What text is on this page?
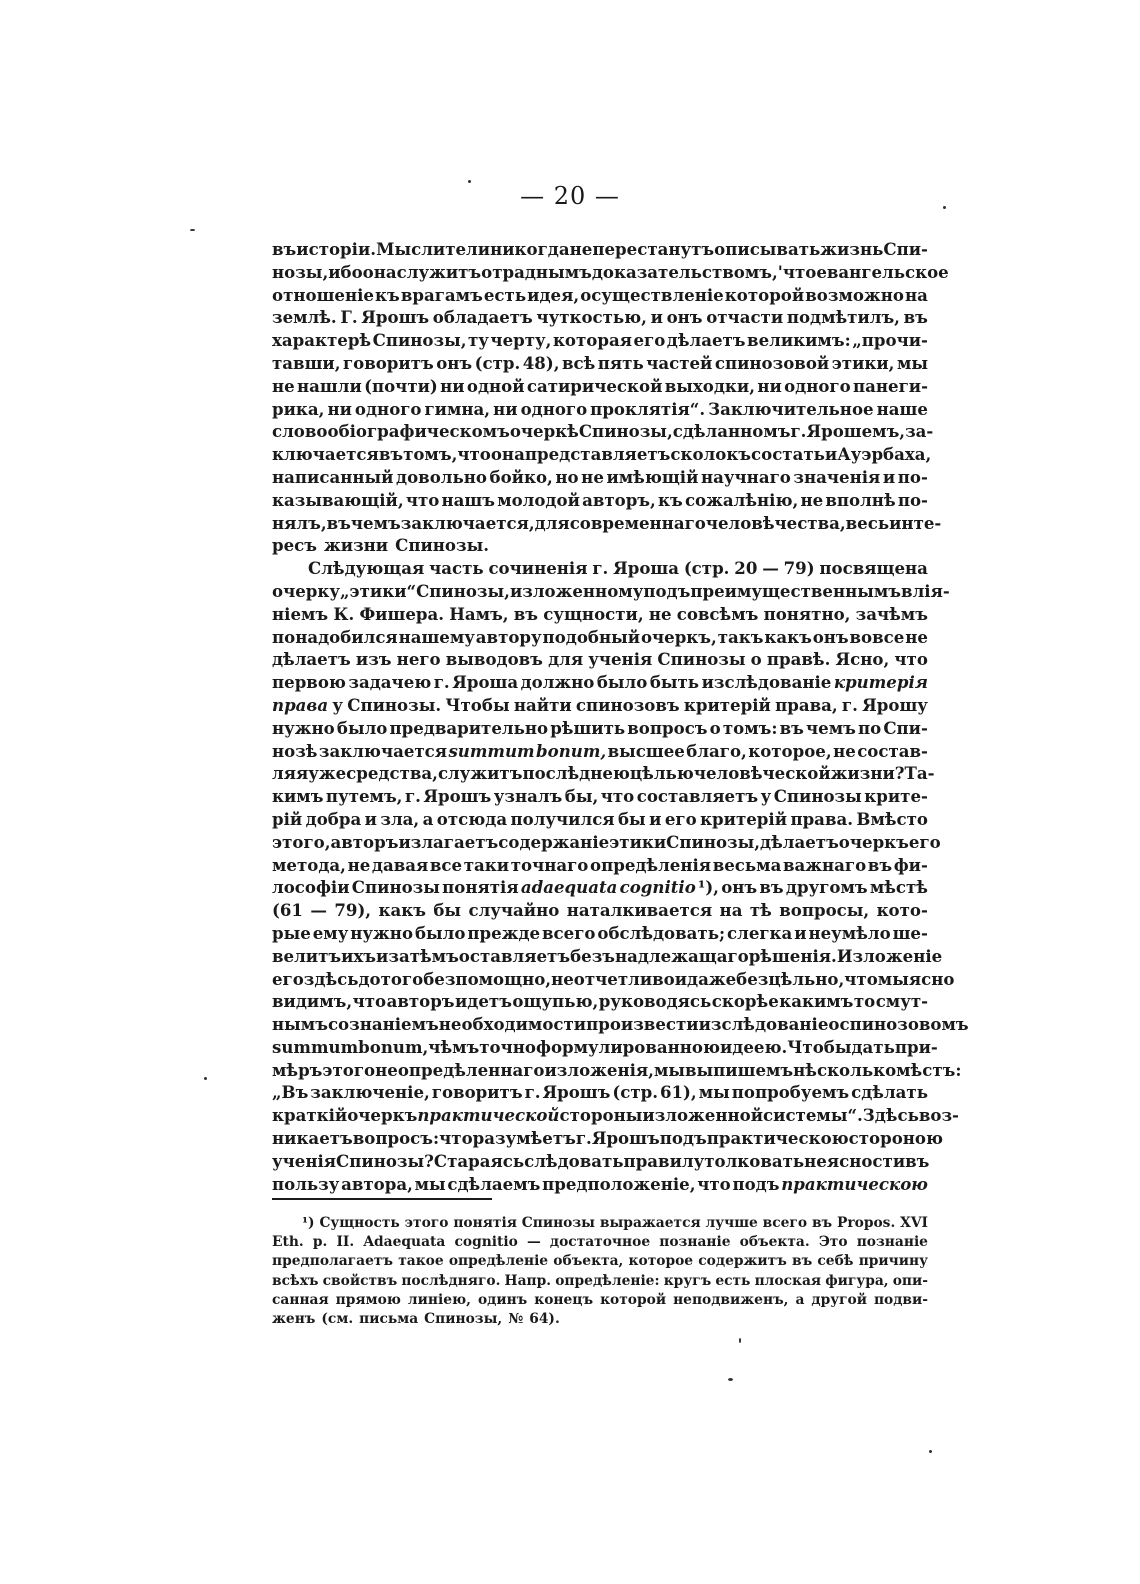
— 20 —
въ исторіи. Мыслители никогда не перестанутъ описывать жизнь Спи-
нозы, ибо она служитъ отраднымъ доказательствомъ, 'что евангельское
отношеніе къ врагамъ есть идея, осуществленіе которой возможно на
землѣ. Г. Ярошъ обладаетъ чуткостью, и онъ отчасти подмѣтилъ, въ
характерѣ Спинозы, ту черту, которая его дѣлаетъ великимъ: „прочи-
тавши, говоритъ онъ (стр. 48), всѣ пять частей спинозовой этики, мы
не нашли (почти) ни одной сатирической выходки, ни одного панеги-
рика, ни одного гимна, ни одного проклятія“. Заключительное наше
слово о біографическомъ очеркѣ Спинозы, сдѣланномъ г. Ярошемъ, за-
ключается въ томъ, что она представляетъ сколокъ со статьи Ауэрбаха,
написанный довольно бойко, но не имѣющій научнаго значенія и по-
казывающій, что нашъ молодой авторъ, къ сожалѣнію, не вполнѣ по-
нялъ, въ чемъ заключается, для современнаго человѣчества, весь инте-
ресъ жизни Спинозы.
Слѣдующая часть сочиненія г. Яроша (стр. 20 — 79) посвящена
очерку „этики“ Спинозы, изложенному подъ преимущественнымъ влія-
ніемъ К. Фишера. Намъ, въ сущности, не совсѣмъ понятно, зачѣмъ
понадобился нашему автору подобный очеркъ, такъ какъ онъ вовсе не
дѣлаетъ изъ него выводовъ для ученія Спинозы о правѣ. Ясно, что
первою задачею г. Яроша должно было быть изслѣдованіе критерія
права у Спинозы. Чтобы найти спинозовъ критерій права, г. Ярошу
нужно было предварительно рѣшить вопросъ о томъ: въ чемъ по Спи-
нозѣ заключается summum bonum, высшее благо, которое, не состав-
ляя уже средства, служитъ послѣднею цѣлью человѣческой жизни? Та-
кимъ путемъ, г. Ярошъ узналъ бы, что составляетъ у Спинозы крите-
рій добра и зла, а отсюда получился бы и его критерій права. Вмѣсто
этого, авторъ излагаетъ содержаніе этики Спинозы, дѣлаетъ очеркъ его
метода, не давая все таки точнаго опредѣленія весьма важнаго въ фи-
лософіи Спинозы понятія adaequata cognitio ¹), онъ въ другомъ мѣстѣ
(61 — 79), какъ бы случайно наталкивается на тѣ вопросы, кото-
рые ему нужно было прежде всего обслѣдовать; слегка и неумѣло ше-
велитъ ихъ и затѣмъ оставляетъ безъ надлежащаго рѣшенія. Изложеніе
его здѣсь до того безпомощно, неотчетливо и даже безцѣльно, что мы ясно
видимъ, что авторъ идетъ ощупью, руководясь скорѣе какимъ то смут-
нымъ сознаніемъ необходимости произвести изслѣдованіе о спинозовомъ
summum bonum, чѣмъ точно формулированною идеею. Чтобы дать при-
мѣръ этого неопредѣленнаго изложенія, мы выпишемъ нѣсколько мѣстъ:
„Въ заключеніе, говоритъ г. Ярошъ (стр. 61), мы попробуемъ сдѣлать
краткій очеркъ практической стороны изложенной системы“. Здѣсь воз-
никаетъ вопросъ: что разумѣетъ г. Ярошъ подъ практическою стороною
ученія Спинозы? Стараясь слѣдовать правилу толковать неясности въ
пользу автора, мы сдѣлаемъ предположеніе, что подъ практическою
¹) Сущность этого понятія Спинозы выражается лучше всего въ Propos. XVI
Eth. p. II. Adaequata cognitio — достаточное познаніе объекта. Это познаніе
предполагаетъ такое опредѣленіе объекта, которое содержитъ въ себѣ причину
всѣхъ свойствъ послѣдняго. Напр. опредѣленіе: кругъ есть плоская фигура, опи-
санная прямою линіею, одинъ конецъ которой неподвиженъ, а другой подви-
женъ (см. письма Спинозы, № 64).
